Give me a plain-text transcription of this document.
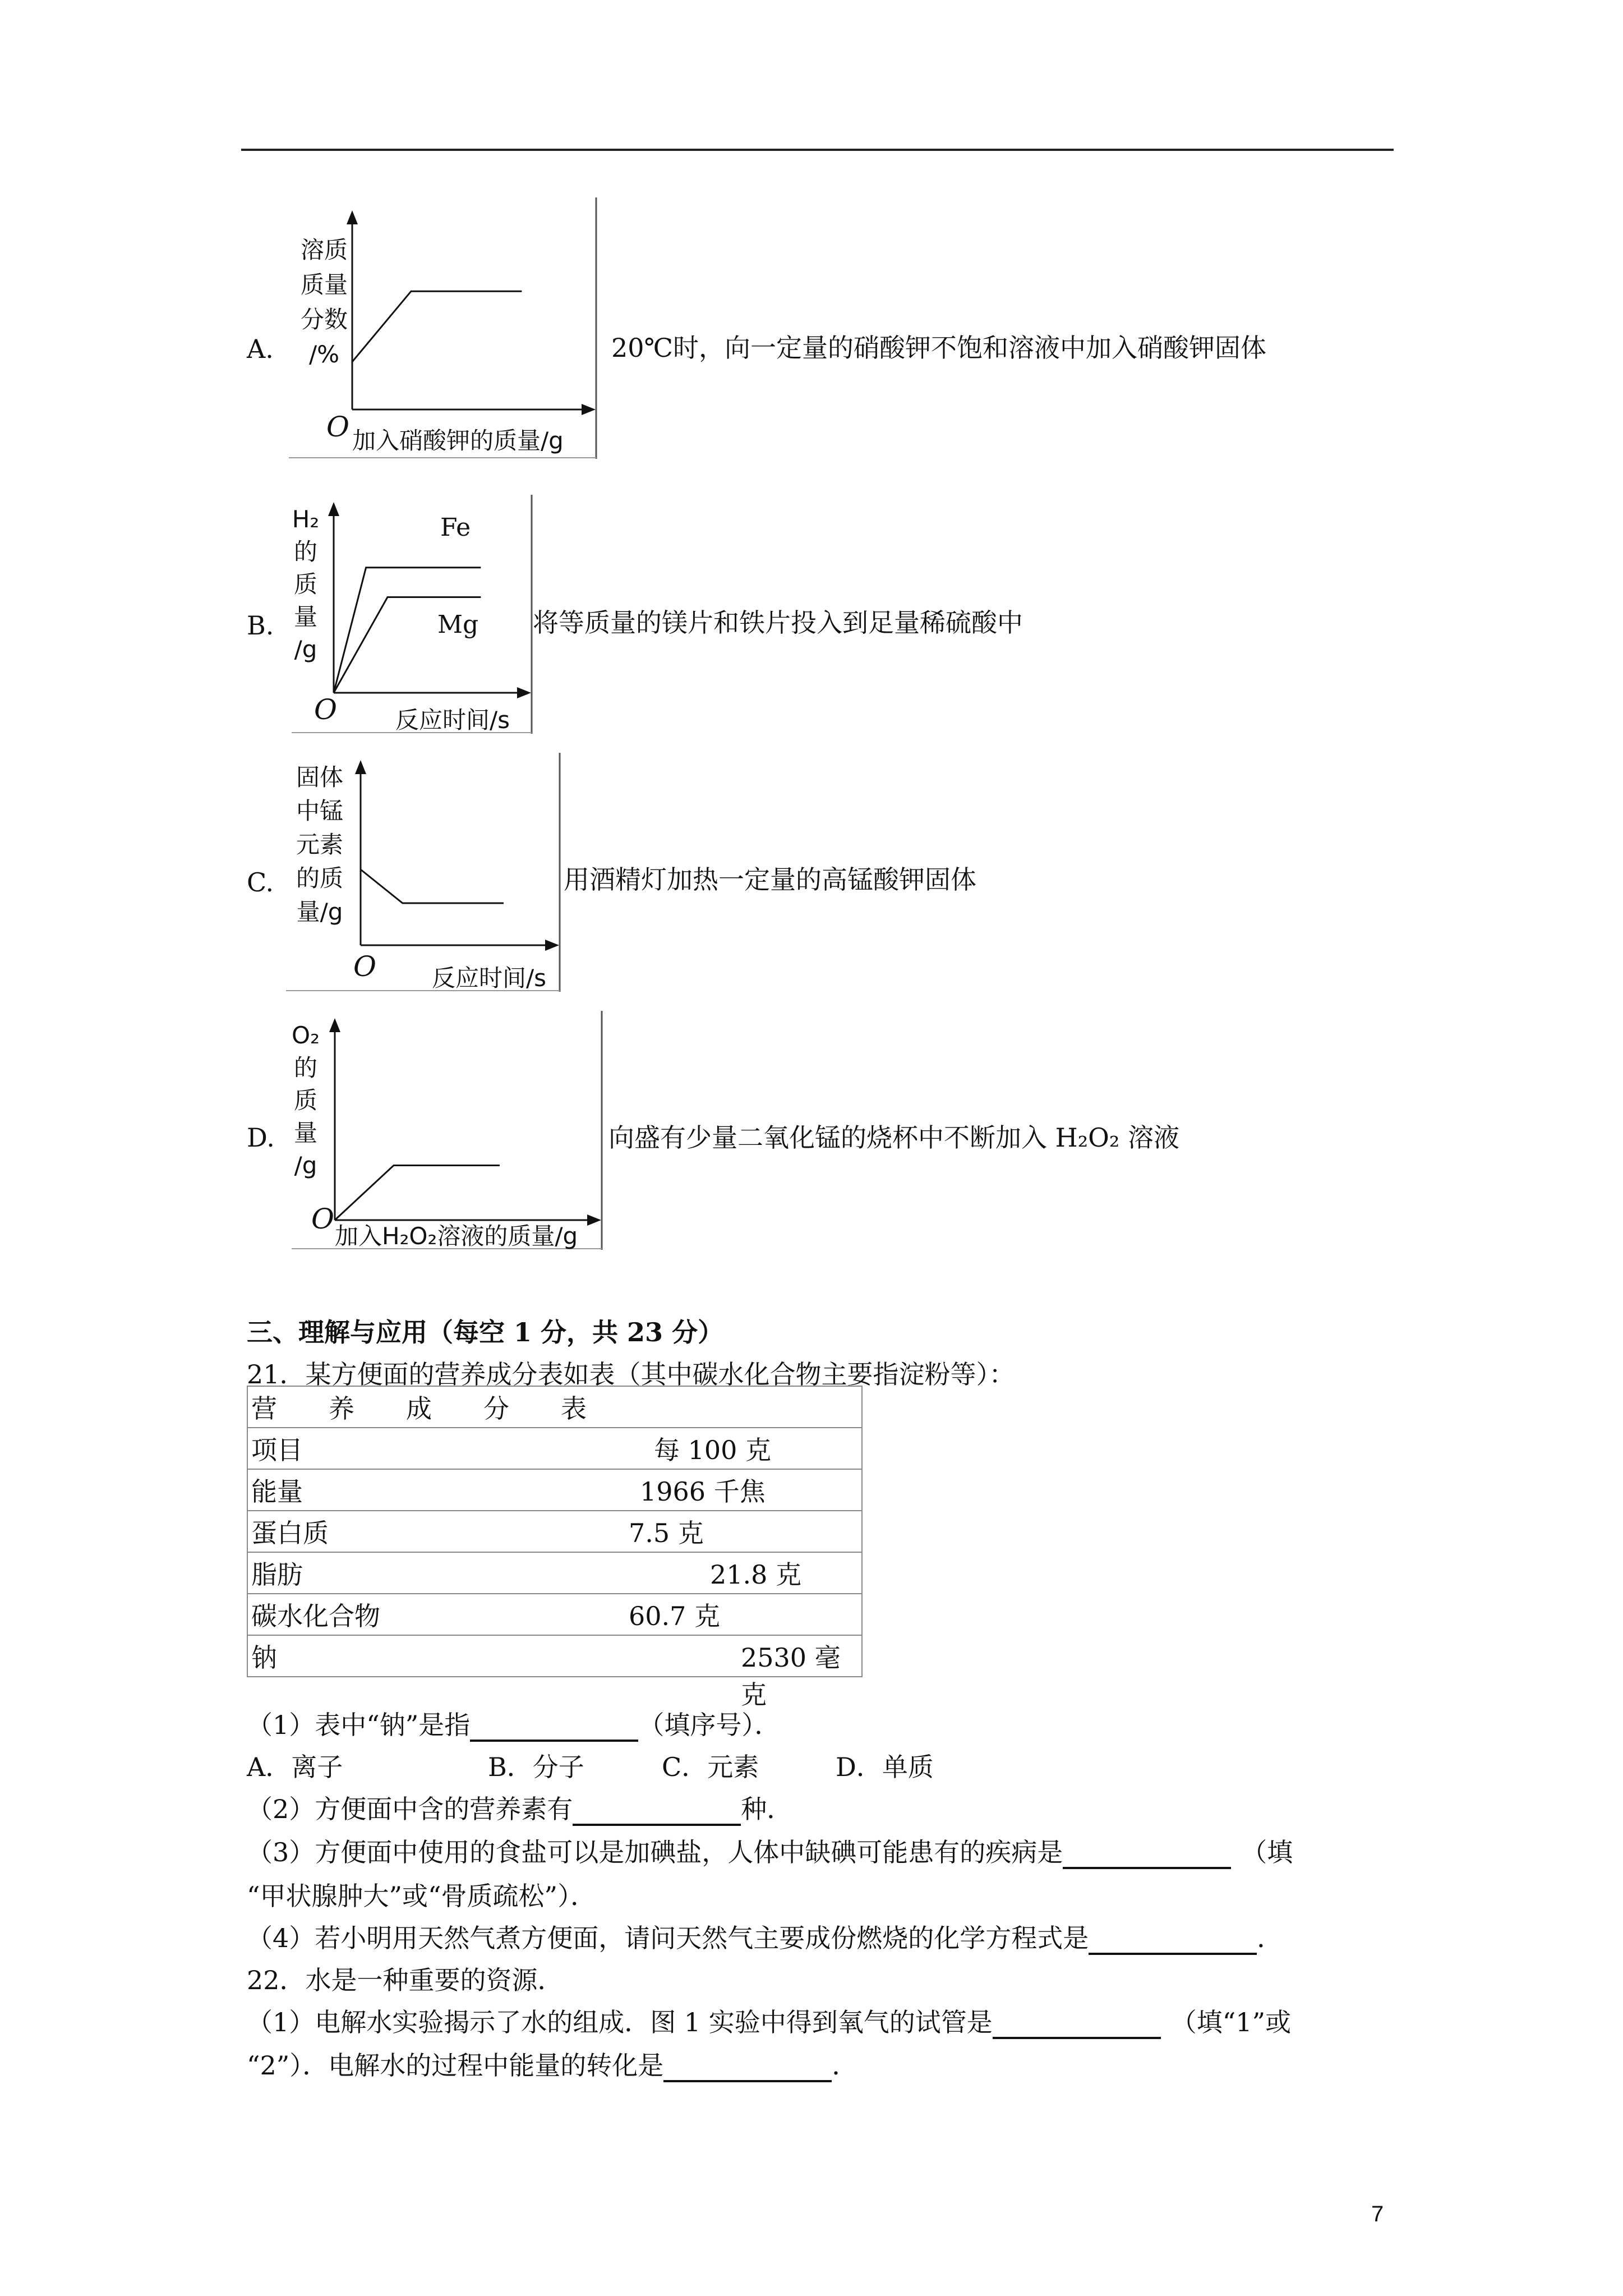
A.
溶质
质量
分数
/%
O 加入硝酸钾的质量/g
20℃时，向一定量的硝酸钾不饱和溶液中加入硝酸钾固体
B.
H₂
的
质
量
/g
O 反应时间/s
Fe
Mg 将等质量的镁片和铁片投入到足量稀硫酸中
C.
固体
中锰
元素
的质
量/g
O 反应时间/s
用酒精灯加热一定量的高锰酸钾固体
D.
O₂
的
质
量
/g
O
加入H₂O₂溶液的质量/g
向盛有少量二氧化锰的烧杯中不断加入 H₂O₂ 溶液
三、理解与应用（每空 1 分，共 23 分）
21．某方便面的营养成分表如表（其中碳水化合物主要指淀粉等）：
营　　养　　成　　分　　表
项目	每 100 克

能量	1966 千焦

蛋白质	7.5 克

脂肪	21.8 克

碳水化合物	60.7 克

钠	2530 毫克
（1）表中“钠”是指	（填序号）．
A．离子	B．分子	C．元素	D．单质
（2）方便面中含的营养素有	种．
（3）方便面中使用的食盐可以是加碘盐，人体中缺碘可能患有的疾病是	（填
“甲状腺肿大”或“骨质疏松”）．
（4）若小明用天然气煮方便面，请问天然气主要成份燃烧的化学方程式是	．
22．水是一种重要的资源．
（1）电解水实验揭示了水的组成．图 1 实验中得到氧气的试管是	（填“1”或
“2”）．电解水的过程中能量的转化是	．
7
